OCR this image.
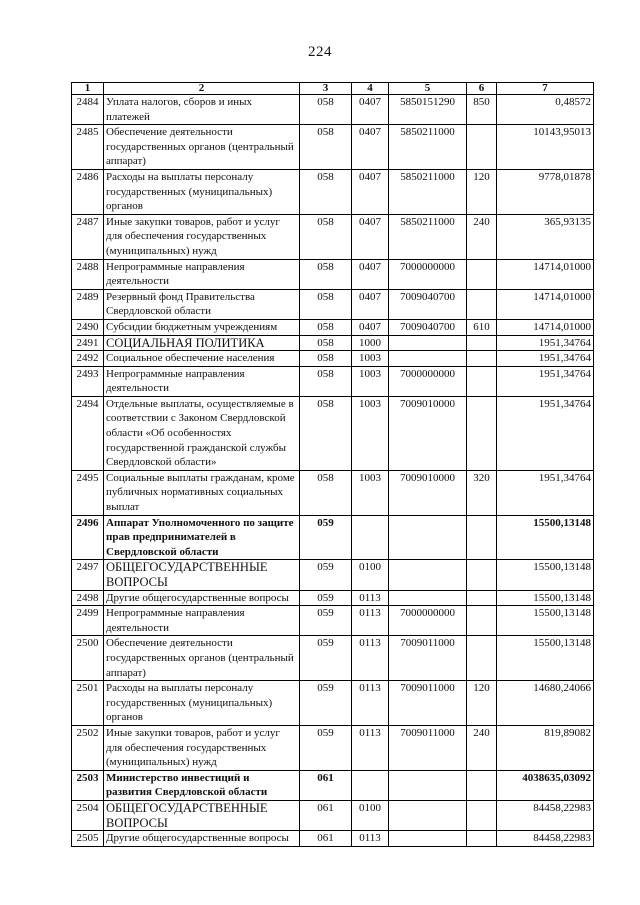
224
1	2	3	4	5	6	7
2484	Уплата налогов, сборов и иных платежей	058	0407	5850151290	850	0,48572
2485	Обеспечение деятельности государственных органов (центральный аппарат)	058	0407	5850211000		10143,95013
2486	Расходы на выплаты персоналу государственных (муниципальных) органов	058	0407	5850211000	120	9778,01878
2487	Иные закупки товаров, работ и услуг для обеспечения государственных (муниципальных) нужд	058	0407	5850211000	240	365,93135
2488	Непрограммные направления деятельности	058	0407	7000000000		14714,01000
2489	Резервный фонд Правительства Свердловской области	058	0407	7009040700		14714,01000
2490	Субсидии бюджетным учреждениям	058	0407	7009040700	610	14714,01000
2491	СОЦИАЛЬНАЯ ПОЛИТИКА	058	1000			1951,34764
2492	Социальное обеспечение населения	058	1003			1951,34764
2493	Непрограммные направления деятельности	058	1003	7000000000		1951,34764
2494	Отдельные выплаты, осуществляемые в соответствии с Законом Свердловской области «Об особенностях государственной гражданской службы Свердловской области»	058	1003	7009010000		1951,34764
2495	Социальные выплаты гражданам, кроме публичных нормативных социальных выплат	058	1003	7009010000	320	1951,34764
2496	Аппарат Уполномоченного по защите прав предпринимателей в Свердловской области	059				15500,13148
2497	ОБЩЕГОСУДАРСТВЕННЫЕ ВОПРОСЫ	059	0100			15500,13148
2498	Другие общегосударственные вопросы	059	0113			15500,13148
2499	Непрограммные направления деятельности	059	0113	7000000000		15500,13148
2500	Обеспечение деятельности государственных органов (центральный аппарат)	059	0113	7009011000		15500,13148
2501	Расходы на выплаты персоналу государственных (муниципальных) органов	059	0113	7009011000	120	14680,24066
2502	Иные закупки товаров, работ и услуг для обеспечения государственных (муниципальных) нужд	059	0113	7009011000	240	819,89082
2503	Министерство инвестиций и развития Свердловской области	061				4038635,03092
2504	ОБЩЕГОСУДАРСТВЕННЫЕ ВОПРОСЫ	061	0100			84458,22983
2505	Другие общегосударственные вопросы	061	0113			84458,22983
